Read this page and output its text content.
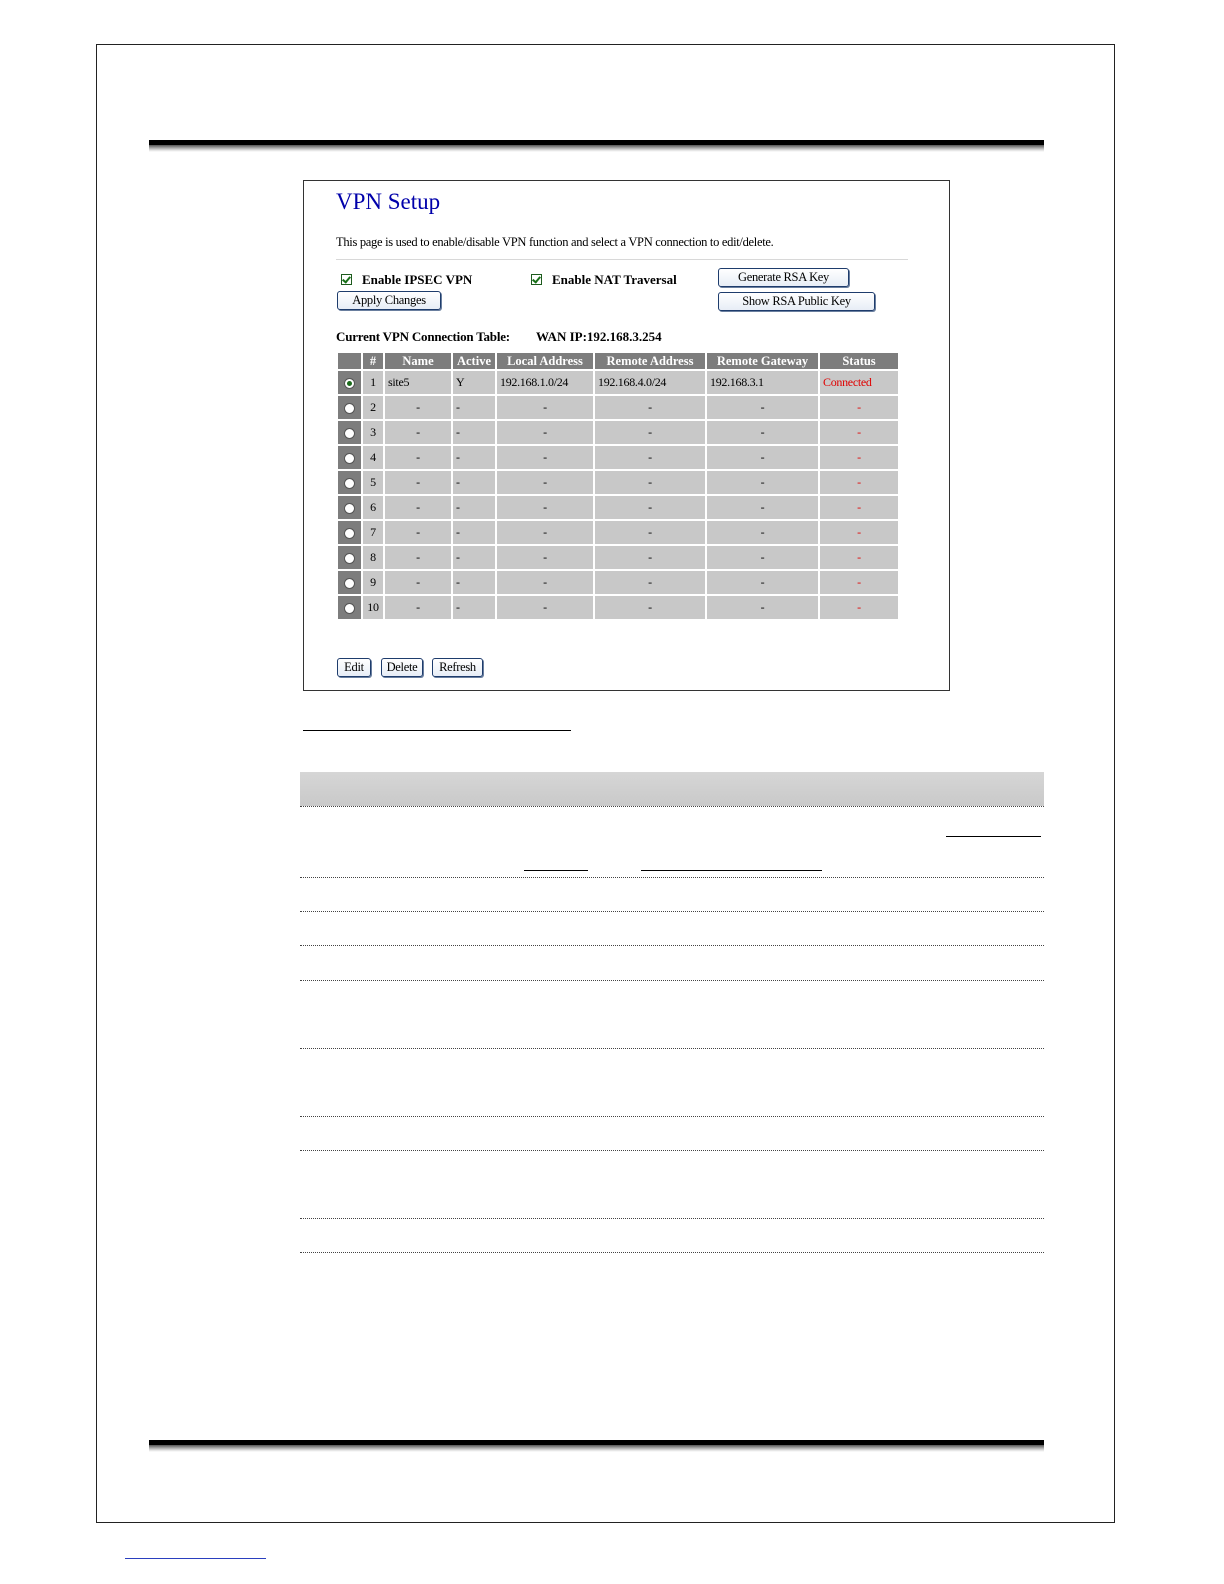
VPN Setup
This page is used to enable/disable VPN function and select a VPN connection to edit/delete.
Enable IPSEC VPN	Enable NAT Traversal	Generate RSA Key
Show RSA Public Key
Apply Changes
Current VPN Connection Table: WAN IP:192.168.3.254
	#	Name	Active	Local Address	Remote Address	Remote Gateway	Status
	1	site5	Y	192.168.1.0/24	192.168.4.0/24	192.168.3.1	Connected
	2	-	-	-	-	-	-
	3	-	-	-	-	-	-
	4	-	-	-	-	-	-
	5	-	-	-	-	-	-
	6	-	-	-	-	-	-
	7	-	-	-	-	-	-
	8	-	-	-	-	-	-
	9	-	-	-	-	-	-
	10	-	-	-	-	-	-
Edit	Delete	Refresh
